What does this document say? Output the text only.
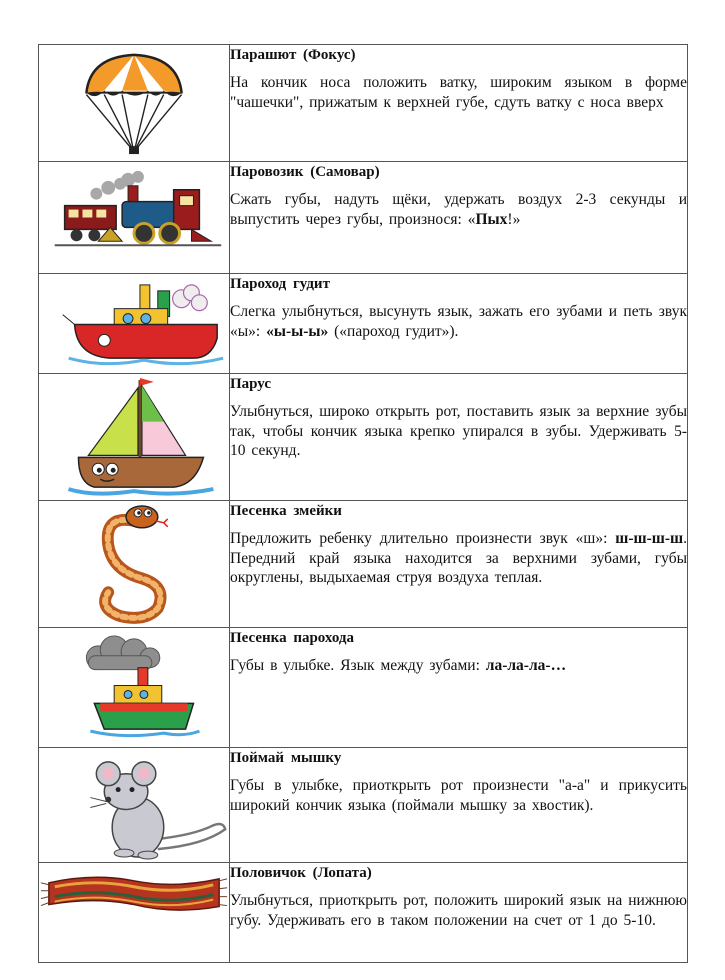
Парашют (Фокус)
На кончик носа положить ватку, широким языком в форме "чашечки", прижатым к верхней губе, сдуть ватку с носа вверх

Паровозик (Самовар)
Сжать губы, надуть щёки, удержать воздух 2-3 секунды и выпустить через губы, произнося: «Пых!»

Пароход гудит
Слегка улыбнуться, высунуть язык, зажать его зубами и петь звук «ы»: «ы-ы-ы» («пароход гудит»).

Парус
Улыбнуться, широко открыть рот, поставить язык за верхние зубы так, чтобы кончик языка крепко упирался в зубы. Удерживать 5-10 секунд.

Песенка змейки
Предложить ребенку длительно произнести звук «ш»: ш-ш-ш-ш. Передний край языка находится за верхними зубами, губы округлены, выдыхаемая струя воздуха теплая.

Песенка парохода
Губы в улыбке. Язык между зубами: ла-ла-ла-…

Поймай мышку
Губы в улыбке, приоткрыть рот произнести "а-а" и прикусить широкий кончик языка (поймали мышку за хвостик).

Половичок (Лопата)
Улыбнуться, приоткрыть рот, положить широкий язык на нижнюю губу. Удерживать его в таком положении на счет от 1 до 5-10.
